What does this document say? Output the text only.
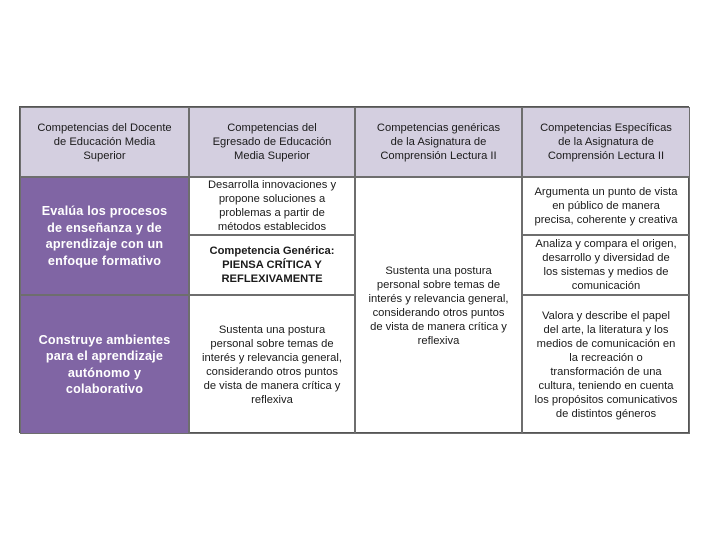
Competencias del Docente
de Educación Media
Superior
Competencias del
Egresado de Educación
Media Superior
Competencias genéricas
de la Asignatura de
Comprensión Lectura II
Competencias Específicas
de la Asignatura de
Comprensión Lectura II
Evalúa los procesos
de enseñanza y de
aprendizaje con un
enfoque formativo
Construye ambientes
para el aprendizaje
autónomo y
colaborativo
Desarrolla innovaciones y
propone soluciones a
problemas a partir de
métodos establecidos
Competencia Genérica:
PIENSA CRÍTICA Y
REFLEXIVAMENTE
Sustenta una postura
personal sobre temas de
interés y relevancia general,
considerando otros puntos
de vista de manera crítica y
reflexiva
Sustenta una postura
personal sobre temas de
interés y relevancia general,
considerando otros puntos
de vista de manera crítica y
reflexiva
Argumenta un punto de vista
en público de manera
precisa, coherente y creativa
Analiza y compara el origen,
desarrollo y diversidad de
los sistemas y medios de
comunicación
Valora y describe el papel
del arte, la literatura y los
medios de comunicación en
la recreación o
transformación de una
cultura, teniendo en cuenta
los propósitos comunicativos
de distintos géneros
